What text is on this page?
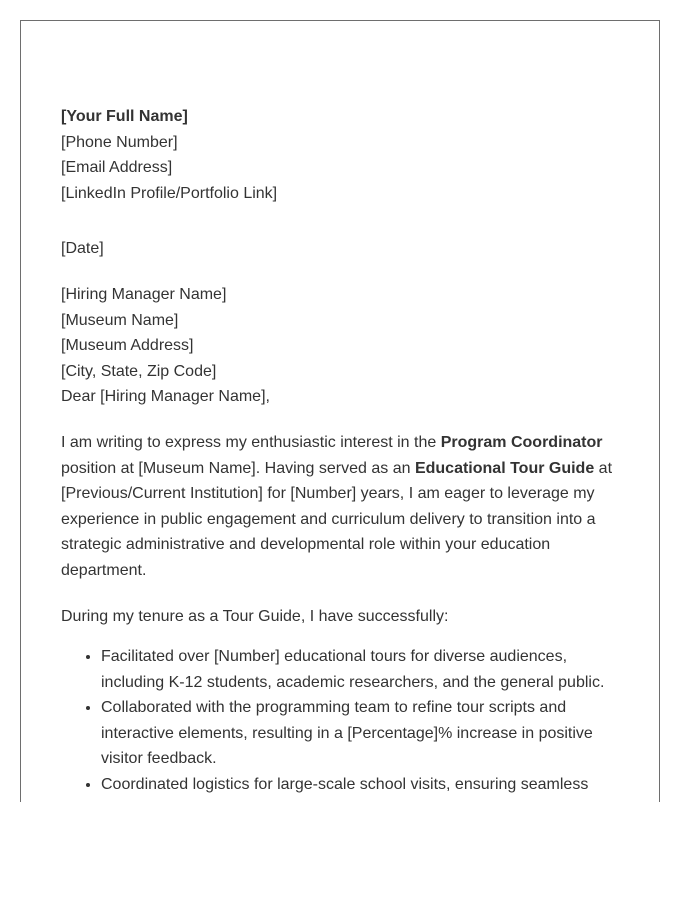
[Your Full Name]
[Phone Number]
[Email Address]
[LinkedIn Profile/Portfolio Link]
[Date]
[Hiring Manager Name]
[Museum Name]
[Museum Address]
[City, State, Zip Code]
Dear [Hiring Manager Name],

I am writing to express my enthusiastic interest in the Program Coordinator position at [Museum Name]. Having served as an Educational Tour Guide at [Previous/Current Institution] for [Number] years, I am eager to leverage my experience in public engagement and curriculum delivery to transition into a strategic administrative and developmental role within your education department.

During my tenure as a Tour Guide, I have successfully:

• Facilitated over [Number] educational tours for diverse audiences, including K-12 students, academic researchers, and the general public.
• Collaborated with the programming team to refine tour scripts and interactive elements, resulting in a [Percentage]% increase in positive visitor feedback.
• Coordinated logistics for large-scale school visits, ensuring seamless
